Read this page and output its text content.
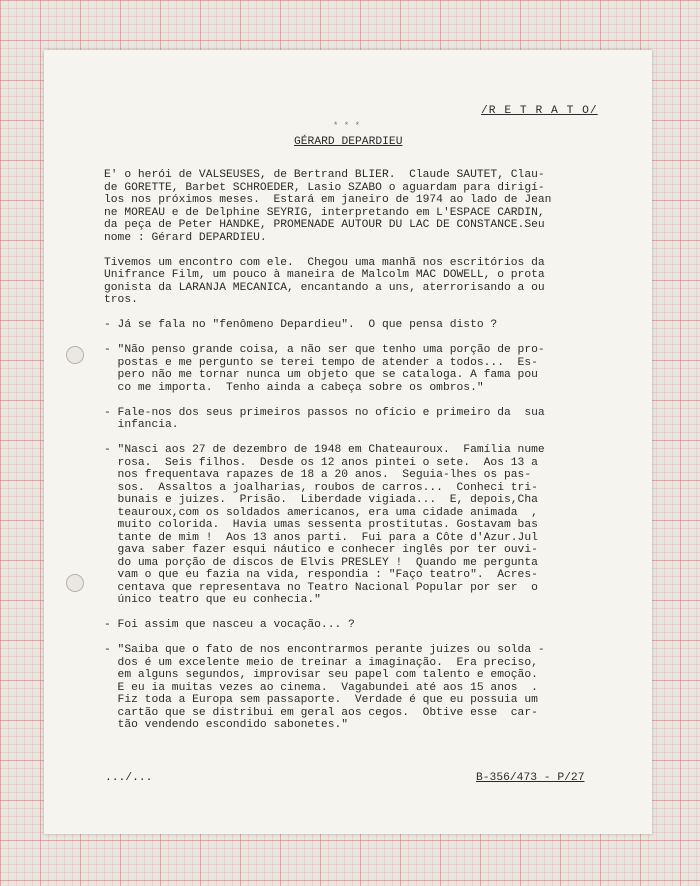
/R E T R A T O/
* * *
GÉRARD DEPARDIEU
E' o herói de VALSEUSES, de Bertrand BLIER.  Claude SAUTET, Clau-
de GORETTE, Barbet SCHROEDER, Lasio SZABO o aguardam para dirigí-
los nos próximos meses.  Estará em janeiro de 1974 ao lado de Jean
ne MOREAU e de Delphine SEYRIG, interpretando em L'ESPACE CARDIN,
da peça de Peter HANDKE, PROMENADE AUTOUR DU LAC DE CONSTANCE.Seu
nome : Gérard DEPARDIEU.

Tivemos um encontro com ele.  Chegou uma manhã nos escritórios da
Unifrance Film, um pouco à maneira de Malcolm MAC DOWELL, o prota
gonista da LARANJA MECANICA, encantando a uns, aterrorisando a ou
tros.

- Já se fala no "fenômeno Depardieu".  O que pensa disto ?

- "Não penso grande coisa, a não ser que tenho uma porção de pro-
postas e me pergunto se terei tempo de atender a todos...  Es-
pero não me tornar nunca um objeto que se cataloga. A fama pou
co me importa.  Tenho ainda a cabeça sobre os ombros."

- Fale-nos dos seus primeiros passos no ofício e primeiro da  sua
infancia.

- "Nasci aos 27 de dezembro de 1948 em Chateauroux.  Família nume
rosa.  Seis filhos.  Desde os 12 anos pintei o sete.  Aos 13 a
nos frequentava rapazes de 18 a 20 anos.  Seguia-lhes os pas-
sos.  Assaltos a joalharias, roubos de carros...  Conheci tri-
bunais e juizes.  Prisão.  Liberdade vigiada...  E, depois,Cha
teauroux,com os soldados americanos, era uma cidade animada  ,
muito colorida.  Havia umas sessenta prostitutas. Gostavam bas
tante de mim !  Aos 13 anos parti.  Fui para a Côte d'Azur.Jul
gava saber fazer esqui náutico e conhecer inglês por ter ouvi-
do uma porção de discos de Elvis PRESLEY !  Quando me pergunta
vam o que eu fazia na vida, respondia : "Faço teatro".  Acres-
centava que representava no Teatro Nacional Popular por ser  o
único teatro que eu conhecia."

- Foi assim que nasceu a vocação... ?

- "Saiba que o fato de nos encontrarmos perante juizes ou solda -
dos é um excelente meio de treinar a imaginação.  Era preciso,
em alguns segundos, improvisar seu papel com talento e emoção.
E eu ia muitas vezes ao cinema.  Vagabundei até aos 15 anos  .
Fiz toda a Europa sem passaporte.  Verdade é que eu possuia um
cartão que se distribui em geral aos cegos.  Obtive esse  car-
tão vendendo escondido sabonetes."
.../...	B-356/473 - P/27
